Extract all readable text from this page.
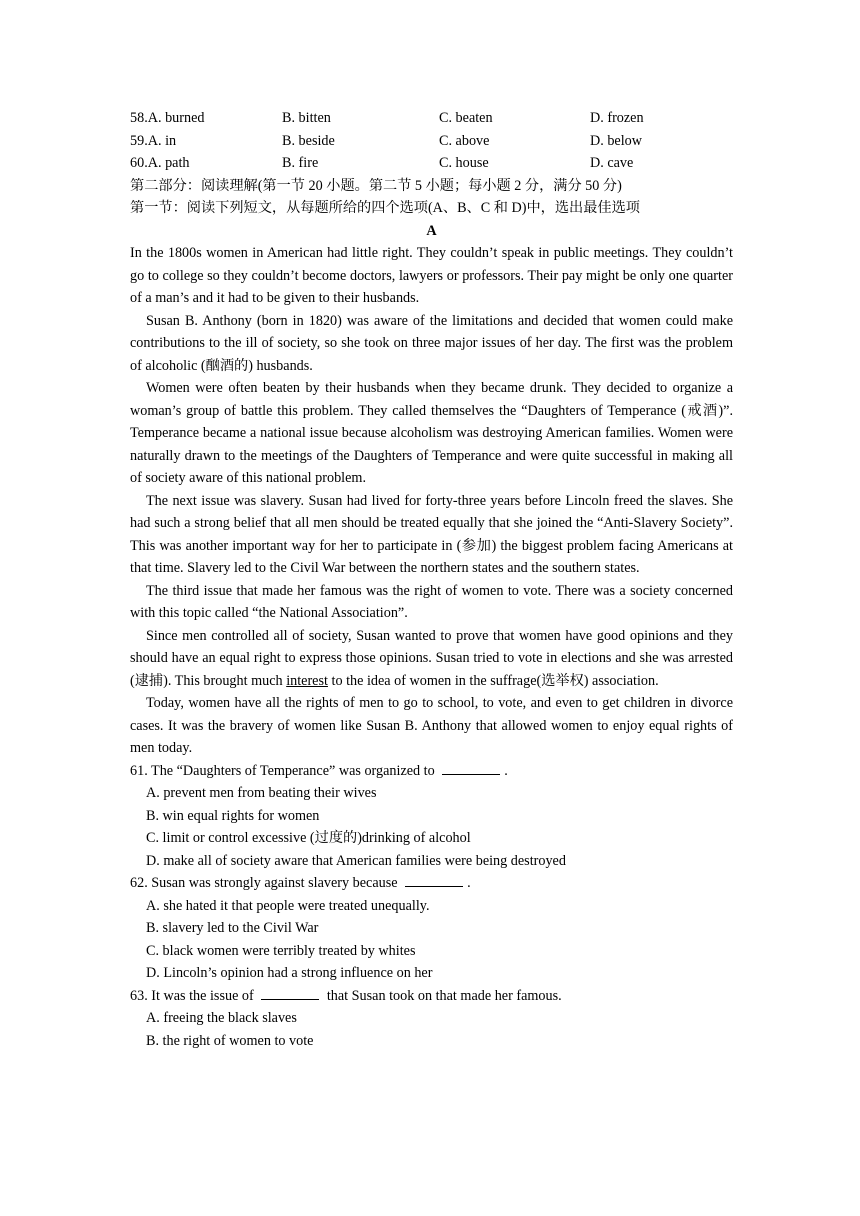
58.A. burned	B. bitten	C. beaten	D. frozen
59.A. in	B. beside	C. above	D. below
60.A. path	B. fire	C. house	D. cave
第二部分：阅读理解(第一节 20 小题。第二节 5 小题；每小题 2 分，满分 50 分)
第一节：阅读下列短文，从每题所给的四个选项(A、B、C 和 D)中，选出最佳选项
A

In the 1800s women in American had little right. They couldn’t speak in public meetings. They couldn’t go to college so they couldn’t become doctors, lawyers or professors. Their pay might be only one quarter of a man’s and it had to be given to their husbands.

Susan B. Anthony (born in 1820) was aware of the limitations and decided that women could make contributions to the ill of society, so she took on three major issues of her day. The first was the problem of alcoholic (酗酒的) husbands.

Women were often beaten by their husbands when they became drunk. They decided to organize a woman’s group of battle this problem. They called themselves the “Daughters of Temperance (戒酒)”. Temperance became a national issue because alcoholism was destroying American families. Women were naturally drawn to the meetings of the Daughters of Temperance and were quite successful in making all of society aware of this national problem.

The next issue was slavery. Susan had lived for forty-three years before Lincoln freed the slaves. She had such a strong belief that all men should be treated equally that she joined the “Anti-Slavery Society”. This was another important way for her to participate in (参加) the biggest problem facing Americans at that time. Slavery led to the Civil War between the northern states and the southern states.

The third issue that made her famous was the right of women to vote. There was a society concerned with this topic called “the National Association”.

Since men controlled all of society, Susan wanted to prove that women have good opinions and they should have an equal right to express those opinions. Susan tried to vote in elections and she was arrested (逮捕). This brought much interest to the idea of women in the suffrage(选举权) association.

Today, women have all the rights of men to go to school, to vote, and even to get children in divorce cases. It was the bravery of women like Susan B. Anthony that allowed women to enjoy equal rights of men today.

61. The “Daughters of Temperance” was organized to	.
A. prevent men from beating their wives
B. win equal rights for women
C. limit or control excessive (过度的)drinking of alcohol
D. make all of society aware that American families were being destroyed
62. Susan was strongly against slavery because	.
A. she hated it that people were treated unequally.
B. slavery led to the Civil War
C. black women were terribly treated by whites
D. Lincoln’s opinion had a strong influence on her
63. It was the issue of	that Susan took on that made her famous.
A. freeing the black slaves
B. the right of women to vote
